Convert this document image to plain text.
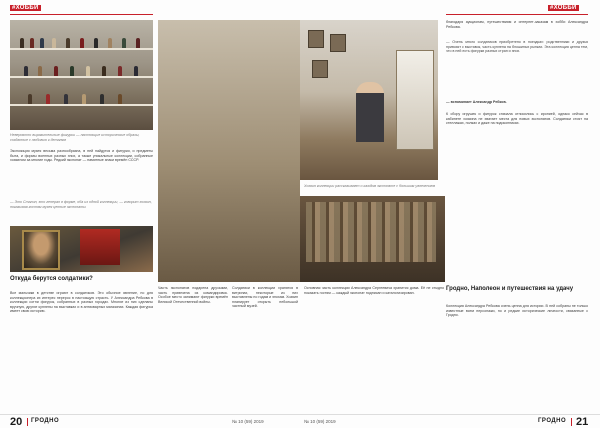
#ХОББИ
Невероятно выразительные фигурки — настоящие исторические образы, созданные с любовью к деталям
Экспозиция музея весьма разнообразна, в ней найдутся и фигурки, и предметы быта, и формы военных разных эпох, а также уникальные коллекции, собранные хозяином за многие годы. Редкий экспонат — памятные знаки времён СССР.
— Это Сталин, это генерал в форме, оба из одной коллекции, — говорит хозяин, показывая гостям музея ценные экспонаты
Откуда берутся солдатики?
Все мальчики в детстве играют в солдатиков. Это обычное явление, но для коллекционера их интерес перерос в настоящую страсть. У Александра Ребкова в коллекции сотни фигурок, собранных в разных городах. Многие из них сделаны вручную, другие куплены на выставках и в антикварных магазинах. Каждая фигурка имеет свою историю.
Часть экспонатов подарена друзьями, часть привезена из командировок. Особое место занимают фигурки времён Великой Отечественной войны.
Солдатики в коллекции хранятся в витринах, некоторые из них выставлены по годам и эпохам. Хозяин планирует открыть небольшой частный музей.
20 ГРОДНО	№ 10 (59) 2019
#ХОББИ
Хозяин коллекции рассказывает о каждом экспонате с большим увлечением
благодаря аукционам, путешествиям и интернет-заказам в хобби Александра Ребкова.
— Очень много солдатиков приобретено в поездках: родственники и друзья привозят с выставок, часть куплена на блошиных рынках. Эта коллекция ценна тем, что в ней есть фигурки разных стран и эпох.
— вспоминает Александр Ребков.
К сбору игрушек и фигурок сначала относились с иронией, однако сейчас в кабинете хозяина не хватает места для новых экспонатов. Солдатики стоят на стеллажах, полках и даже на подоконниках.
Основная часть коллекции Александра Сергеевича хранится дома. Её не стыдно показать гостям — каждый экспонат подписан и каталогизирован.
Гродно, Наполеон и путешествия на удачу
Коллекция Александра Ребкова очень ценна для истории. В ней собраны не только известные всем персонажи, но и редкие исторические личности, связанные с Гродно.
№ 10 (59) 2019	ГРОДНО 21
